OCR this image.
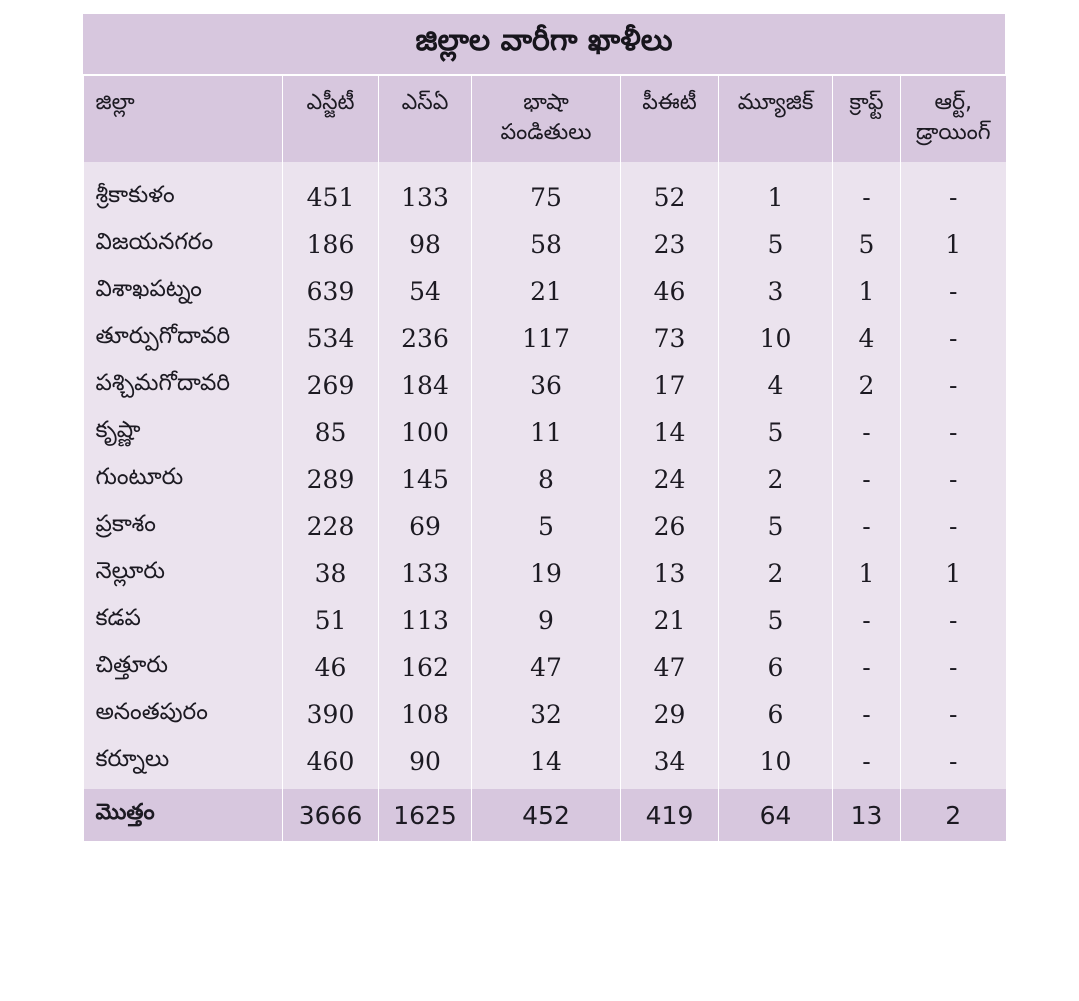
జిల్లాల వారీగా ఖాళీలు
జిల్లా	ఎస్జీటీ	ఎస్ఏ	భాషా పండితులు	పీఈటీ	మ్యూజిక్	క్రాఫ్ట్	ఆర్ట్, డ్రాయింగ్

శ్రీకాకుళం	451	133	75	52	1	-	-
విజయనగరం	186	98	58	23	5	5	1
విశాఖపట్నం	639	54	21	46	3	1	-
తూర్పుగోదావరి	534	236	117	73	10	4	-
పశ్చిమగోదావరి	269	184	36	17	4	2	-
కృష్ణా	85	100	11	14	5	-	-
గుంటూరు	289	145	8	24	2	-	-
ప్రకాశం	228	69	5	26	5	-	-
నెల్లూరు	38	133	19	13	2	1	1
కడప	51	113	9	21	5	-	-
చిత్తూరు	46	162	47	47	6	-	-
అనంతపురం	390	108	32	29	6	-	-
కర్నూలు	460	90	14	34	10	-	-
మొత్తం	3666	1625	452	419	64	13	2
